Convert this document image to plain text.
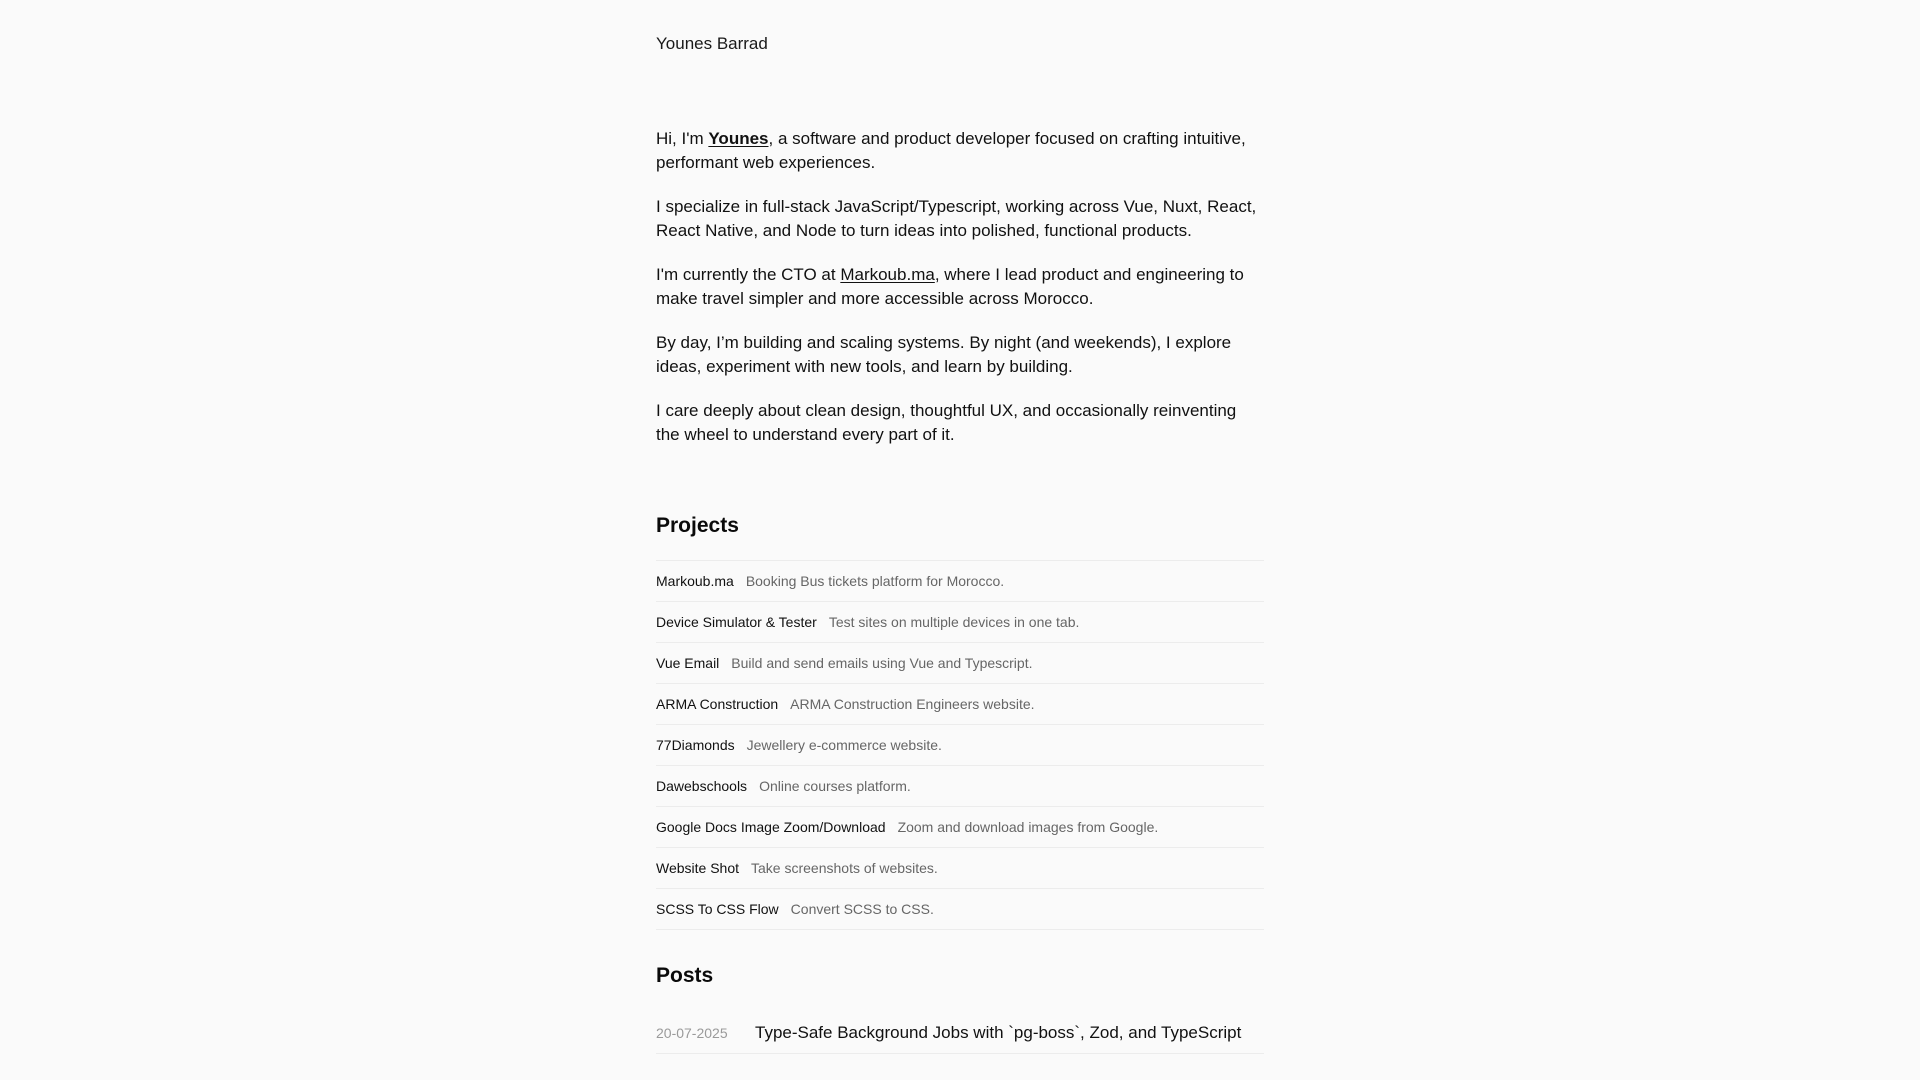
Younes Barrad

Hi, I'm Younes, a software and product developer focused on crafting intuitive, performant web experiences.

I specialize in full-stack JavaScript/Typescript, working across Vue, Nuxt, React, React Native, and Node to turn ideas into polished, functional products.

I'm currently the CTO at Markoub.ma, where I lead product and engineering to make travel simpler and more accessible across Morocco.

By day, I’m building and scaling systems. By night (and weekends), I explore ideas, experiment with new tools, and learn by building.

I care deeply about clean design, thoughtful UX, and occasionally reinventing the wheel to understand every part of it.

Projects
Markoub.ma Booking Bus tickets platform for Morocco.
Device Simulator & Tester Test sites on multiple devices in one tab.
Vue Email Build and send emails using Vue and Typescript.
ARMA Construction ARMA Construction Engineers website.
77Diamonds Jewellery e-commerce website.
Dawebschools Online courses platform.
Google Docs Image Zoom/Download Zoom and download images from Google.
Website Shot Take screenshots of websites.
SCSS To CSS Flow Convert SCSS to CSS.
Posts
20-07-2025	Type-Safe Background Jobs with `pg-boss`, Zod, and TypeScript
